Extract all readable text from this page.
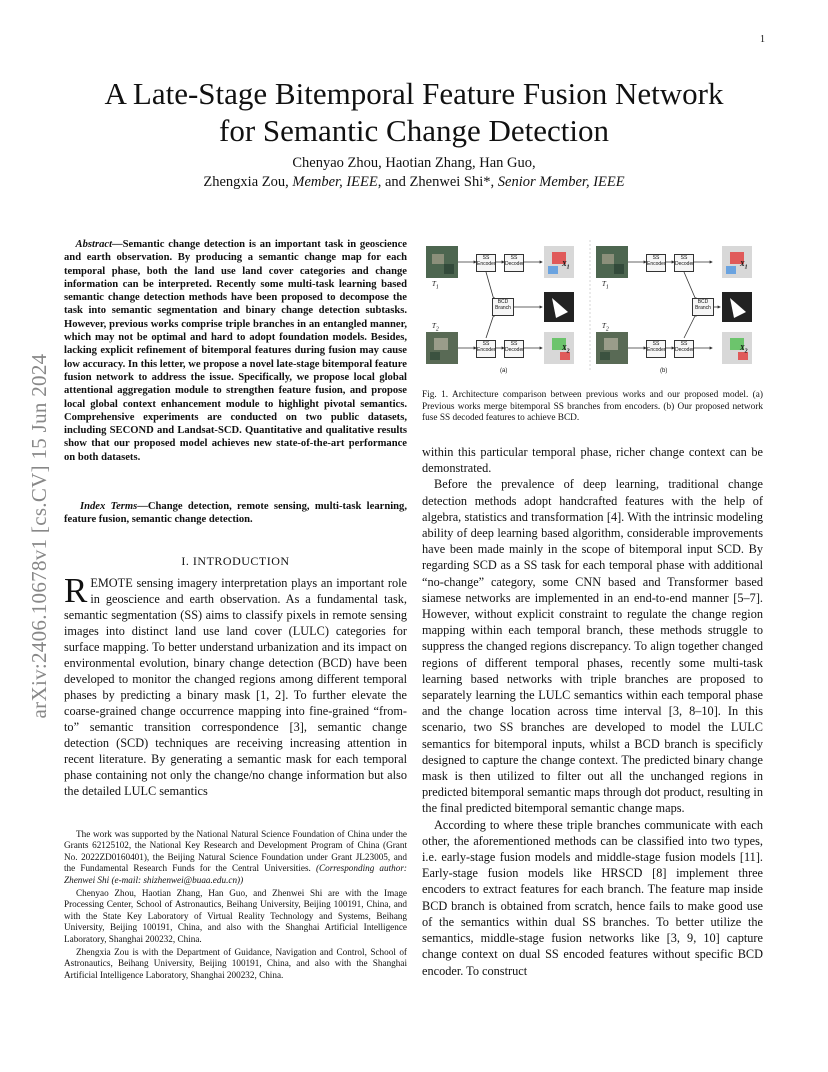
1
arXiv:2406.10678v1 [cs.CV] 15 Jun 2024
A Late-Stage Bitemporal Feature Fusion Network
for Semantic Change Detection
Chenyao Zhou, Haotian Zhang, Han Guo,
Zhengxia Zou, Member, IEEE, and Zhenwei Shi*, Senior Member, IEEE
Abstract—Semantic change detection is an important task in geoscience and earth observation. By producing a semantic change map for each temporal phase, both the land use land cover categories and change information can be interpreted. Recently some multi-task learning based semantic change detection methods have been proposed to decompose the task into semantic segmentation and binary change detection subtasks. However, previous works comprise triple branches in an entangled manner, which may not be optimal and hard to adopt foundation models. Besides, lacking explicit refinement of bitemporal features during fusion may cause low accuracy. In this letter, we propose a novel late-stage bitemporal feature fusion network to address the issue. Specifically, we propose local global attentional aggregation module to strengthen feature fusion, and propose local global context enhancement module to highlight pivotal semantics. Comprehensive experiments are conducted on two public datasets, including SECOND and Landsat-SCD. Quantitative and qualitative results show that our proposed model achieves new state-of-the-art performance on both datasets.
Index Terms—Change detection, remote sensing, multi-task learning, feature fusion, semantic change detection.
I. INTRODUCTION
REMOTE sensing imagery interpretation plays an important role in geoscience and earth observation. As a fundamental task, semantic segmentation (SS) aims to classify pixels in remote sensing images into distinct land use land cover (LULC) categories for surface mapping. To better understand urbanization and its impact on environmental evolution, binary change detection (BCD) have been developed to monitor the changed regions among different temporal phases by predicting a binary mask [1, 2]. To further elevate the coarse-grained change occurrence mapping into fine-grained “from-to” semantic transition correspondence [3], semantic change detection (SCD) techniques are receiving increasing attention in recent literature. By generating a semantic mask for each temporal phase containing not only the change/no change information but also the detailed LULC semantics

The work was supported by the National Natural Science Foundation of China under the Grants 62125102, the National Key Research and Development Program of China (Grant No. 2022ZD0160401), the Beijing Natural Science Foundation under Grant JL23005, and the Fundamental Research Funds for the Central Universities. (Corresponding author: Zhenwei Shi (e-mail: shizhenwei@buaa.edu.cn))

Chenyao Zhou, Haotian Zhang, Han Guo, and Zhenwei Shi are with the Image Processing Center, School of Astronautics, Beihang University, Beijing 100191, China, and with the State Key Laboratory of Virtual Reality Technology and Systems, Beihang University, Beijing 100191, China, and also with the Shanghai Artificial Intelligence Laboratory, Shanghai 200232, China.

Zhengxia Zou is with the Department of Guidance, Navigation and Control, School of Astronautics, Beihang University, Beijing 100191, China, and also with the Shanghai Artificial Intelligence Laboratory, Shanghai 200232, China.

SS Encoder
SS Decoder
SS Encoder
SS Decoder
BCD Branch
SS Encoder
SS Decoder
SS Encoder
SS Decoder
BCD Branch
$T_1$
$T_2$
$T_1$
$T_2$
$X_1$
$X_2$
$X_1$
$X_2$
(a)	(b)
Fig. 1. Architecture comparison between previous works and our proposed model. (a) Previous works merge bitemporal SS branches from encoders. (b) Our proposed network fuse SS decoded features to achieve BCD.

within this particular temporal phase, richer change context can be demonstrated.

Before the prevalence of deep learning, traditional change detection methods adopt handcrafted features with the help of algebra, statistics and transformation [4]. With the intrinsic modeling ability of deep learning based algorithm, considerable improvements have been made mainly in the scope of bitemporal input SCD. By regarding SCD as a SS task for each temporal phase with additional “no-change” category, some CNN based and Transformer based siamese networks are implemented in an end-to-end manner [5–7]. However, without explicit constraint to regulate the change region mapping within each temporal branch, these methods struggle to suppress the changed regions discrepancy. To align together changed regions of different temporal phases, recently some multi-task learning based networks with triple branches are proposed to separately learning the LULC semantics within each temporal phase and the change location across time interval [3, 8–10]. In this scenario, two SS branches are developed to model the LULC semantics for bitemporal inputs, whilst a BCD branch is specificly designed to capture the change context. The predicted binary change mask is then utilized to filter out all the unchanged regions in predicted bitemporal semantic maps through dot product, resulting in the final predicted bitemporal semantic change maps.

According to where these triple branches communicate with each other, the aforementioned methods can be classified into two types, i.e. early-stage fusion models and middle-stage fusion models [11]. Early-stage fusion models like HRSCD [8] implement three encoders to extract features for each branch. The feature map inside BCD branch is obtained from scratch, hence fails to make good use of the semantics within dual SS branches. To better utilize the semantics, middle-stage fusion networks like [3, 9, 10] capture change context on dual SS encoded features without specific BCD encoder. To construct
